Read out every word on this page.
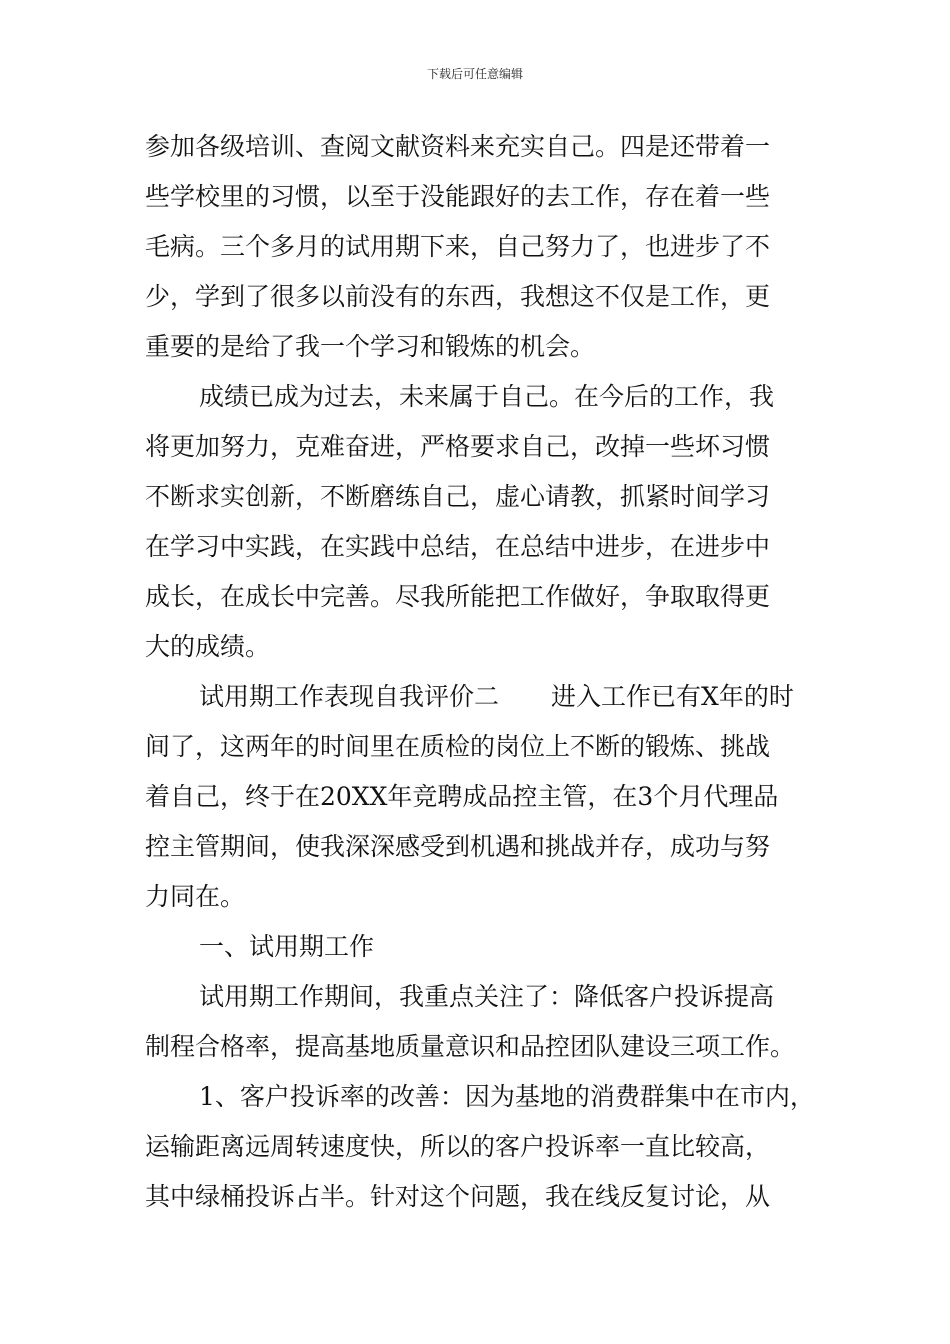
下载后可任意编辑
参加各级培训、查阅文献资料来充实自己。四是还带着一
些学校里的习惯，以至于没能跟好的去工作，存在着一些
毛病。三个多月的试用期下来，自己努力了，也进步了不
少，学到了很多以前没有的东西，我想这不仅是工作，更
重要的是给了我一个学习和锻炼的机会。
成绩已成为过去，未来属于自己。在今后的工作，我
将更加努力，克难奋进，严格要求自己，改掉一些坏习惯
不断求实创新，不断磨练自己，虚心请教，抓紧时间学习
在学习中实践，在实践中总结，在总结中进步，在进步中
成长，在成长中完善。尽我所能把工作做好，争取取得更
大的成绩。
试用期工作表现自我评价二 进入工作已有X年的时
间了，这两年的时间里在质检的岗位上不断的锻炼、挑战
着自己，终于在20XX年竞聘成品控主管，在3个月代理品
控主管期间，使我深深感受到机遇和挑战并存，成功与努
力同在。
一、试用期工作
试用期工作期间，我重点关注了：降低客户投诉提高
制程合格率，提高基地质量意识和品控团队建设三项工作。
1、客户投诉率的改善：因为基地的消费群集中在市内，
运输距离远周转速度快，所以的客户投诉率一直比较高，
其中绿桶投诉占半。针对这个问题，我在线反复讨论，从
